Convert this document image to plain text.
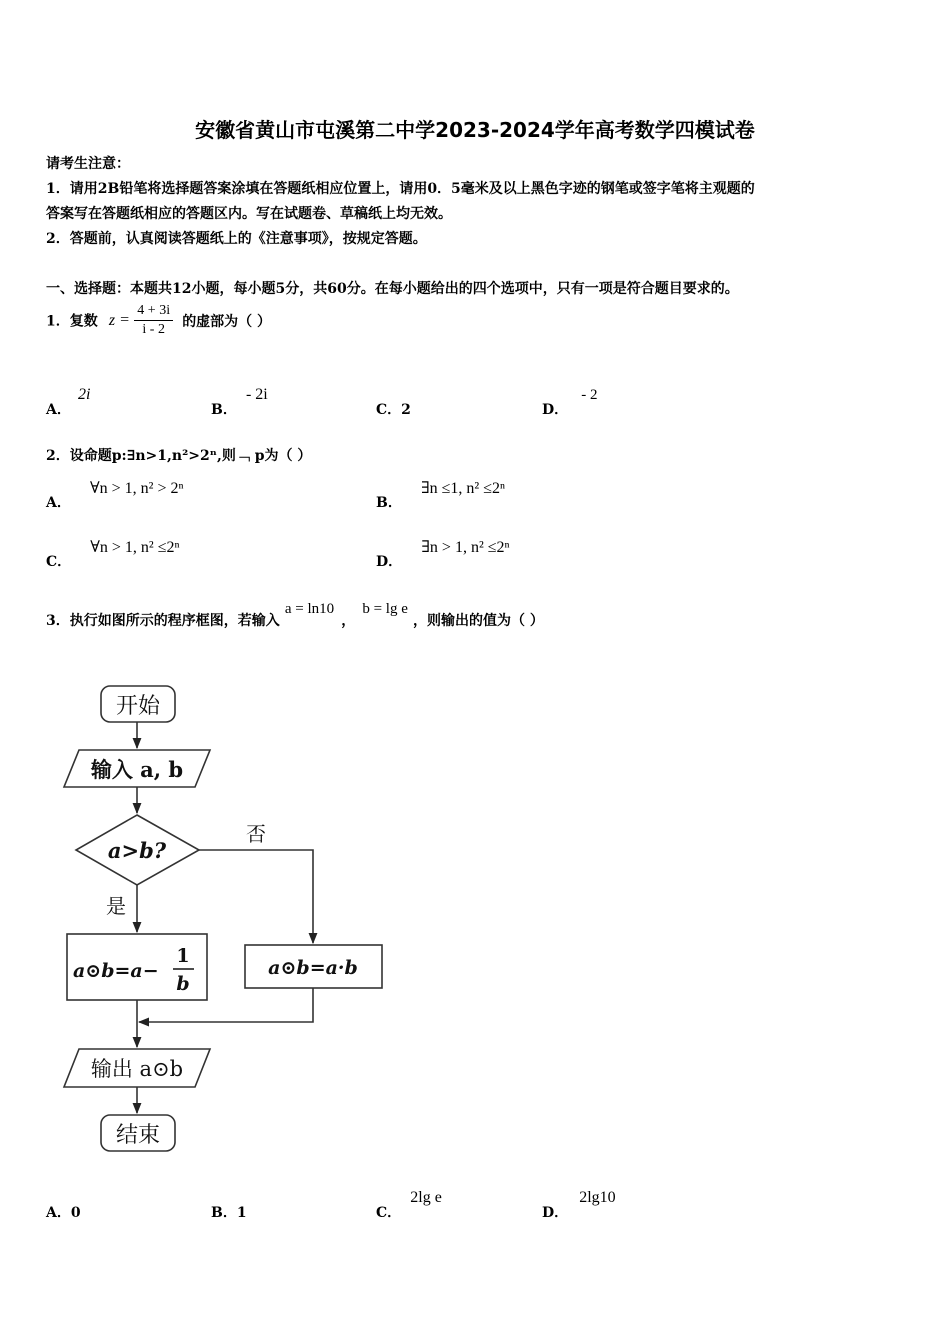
安徽省黄山市屯溪第二中学2023-2024学年高考数学四模试卷
请考生注意：
1．请用2B铅笔将选择题答案涂填在答题纸相应位置上，请用0．5毫米及以上黑色字迹的钢笔或签字笔将主观题的
答案写在答题纸相应的答题区内。写在试题卷、草稿纸上均无效。
2．答题前，认真阅读答题纸上的《注意事项》，按规定答题。
一、选择题：本题共12小题，每小题5分，共60分。在每小题给出的四个选项中，只有一项是符合题目要求的。
1．复数 $z = \frac{4 + 3i}{i - 2}$ 的虚部为（ ）
A． 2i
B． - 2i
C．2	D． - 2
2．设命题p:∃n>1,n²>2ⁿ,则﹁ p为（ ）
A． ∀n > 1, n² > 2ⁿ
B． ∃n ≤1, n² ≤2ⁿ
C． ∀n > 1, n² ≤2ⁿ
D． ∃n > 1, n² ≤2ⁿ
3．执行如图所示的程序框图，若输入 a = ln10 ， b = lg e ，则输出的值为（ ）
开始
输入 a, b
a>b?
否
是
a⊙b=a−
1
b
a⊙b=a·b
输出 a⊙b
结束
A．0	B．1	C． 2lg e
D． 2lg10
